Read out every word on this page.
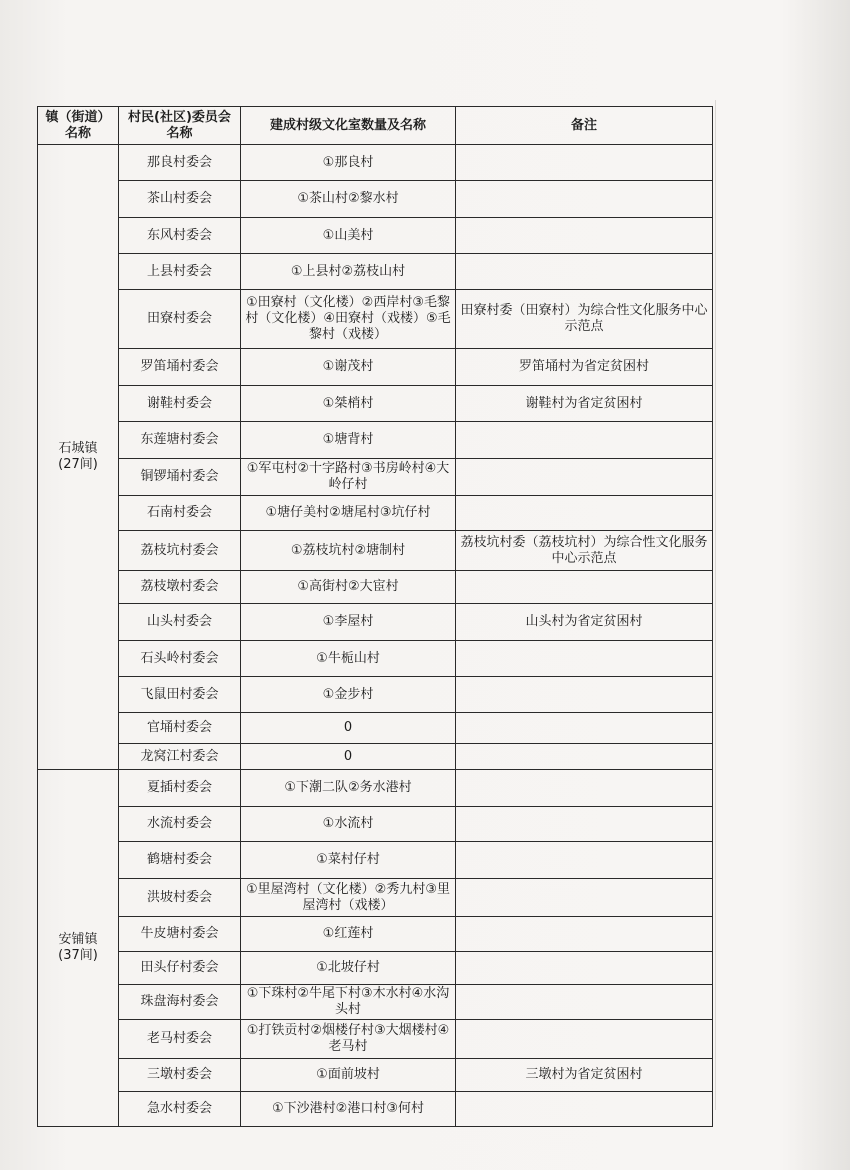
镇（街道）名称	村民(社区)委员会名称	建成村级文化室数量及名称	备注

石城镇
(27间)	那良村委会	①那良村	
	茶山村委会	①茶山村②黎水村	
	东风村委会	①山美村	
	上县村委会	①上县村②荔枝山村	
	田寮村委会	①田寮村（文化楼）②西岸村③毛黎村（文化楼）④田寮村（戏楼）⑤毛黎村（戏楼）	田寮村委（田寮村）为综合性文化服务中心示范点
	罗笛埇村委会	①谢茂村	罗笛埇村为省定贫困村
	谢鞋村委会	①桀梢村	谢鞋村为省定贫困村
	东莲塘村委会	①塘背村	
	铜锣埇村委会	①军屯村②十字路村③书房岭村④大岭仔村	
	石南村委会	①塘仔美村②塘尾村③坑仔村	
	荔枝坑村委会	①荔枝坑村②塘制村	荔枝坑村委（荔枝坑村）为综合性文化服务中心示范点
	荔枝墩村委会	①高街村②大宦村	
	山头村委会	①李屋村	山头村为省定贫困村
	石头岭村委会	①牛栀山村	
	飞鼠田村委会	①金步村	
	官埇村委会	0	
	龙窝江村委会	0	

安铺镇
(37间)	夏插村委会	①下潮二队②务水港村	
	水流村委会	①水流村	
	鹤塘村委会	①菜村仔村	
	洪坡村委会	①里屋湾村（文化楼）②秀九村③里屋湾村（戏楼）	
	牛皮塘村委会	①红莲村	
	田头仔村委会	①北坡仔村	
	珠盘海村委会	①下珠村②牛尾下村③木水村④水沟头村	
	老马村委会	①打铁贡村②烟楼仔村③大烟楼村④老马村	
	三墩村委会	①面前坡村	三墩村为省定贫困村
	急水村委会	①下沙港村②港口村③何村	
